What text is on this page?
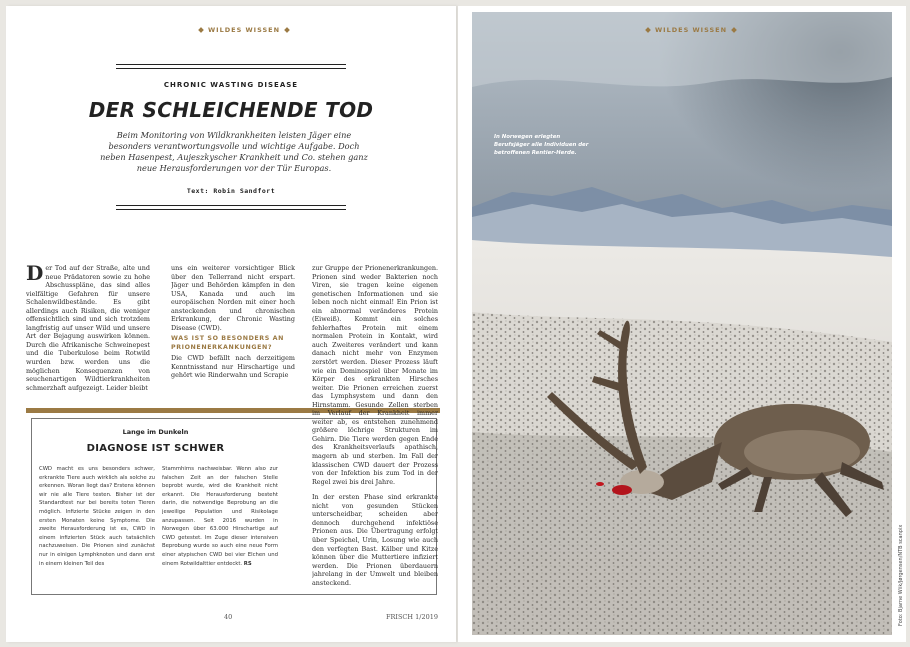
WILDES WISSEN
CHRONIC WASTING DISEASE
DER SCHLEICHENDE TOD
Beim Monitoring von Wildkrankheiten leisten Jäger eine besonders verantwortungsvolle und wichtige Aufgabe. Doch neben Hasenpest, Aujeszkyscher Krankheit und Co. stehen ganz neue Herausforderungen vor der Tür Europas.
Text: Robin Sandfort
Der Tod auf der Straße, alte und neue Prädatoren sowie zu hohe Abschusspläne, das sind alles vielfältige Gefahren für unsere Schalenwildbestände. Es gibt allerdings auch Risiken, die weniger offensichtlich sind und sich trotzdem langfristig auf unser Wild und unsere Art der Bejagung auswirken können. Durch die Afrikanische Schweinepest und die Tuberkulose beim Rotwild wurden bzw. werden uns die möglichen Konsequenzen von seuchenartigen Wildtierkrankheiten schmerzhaft aufgezeigt. Leider bleibt
uns ein weiterer vorsichtiger Blick über den Tellerrand nicht erspart. Jäger und Behörden kämpfen in den USA, Kanada und auch im europäischen Norden mit einer hoch ansteckenden und chronischen Erkrankung, der Chronic Wasting Disease (CWD).
WAS IST SO BESONDERS AN PRIONENERKANKUNGEN?
Die CWD befällt nach derzeitigem Kenntnisstand nur Hirschartige und gehört wie Rinderwahn und Scrapie
Lange im Dunkeln
DIAGNOSE IST SCHWER
CWD macht es uns besonders schwer, erkrankte Tiere auch wirklich als solche zu erkennen. Woran liegt das? Erstens können wir nie alle Tiere testen. Bisher ist der Standardtest nur bei bereits toten Tieren möglich. Infizierte Stücke zeigen in den ersten Monaten keine Symptome. Die zweite Herausforderung ist es, CWD in einem infizierten Stück auch tatsächlich nachzuweisen. Die Prionen sind zunächst nur in einigen Lymphknoten und dann erst in einem kleinen Teil des
Stammhirns nachweisbar. Wenn also zur falschen Zeit an der falschen Stelle beprobt wurde, wird die Krankheit nicht erkannt. Die Herausforderung besteht darin, die notwendige Beprobung an die jeweilige Population und Risikolage anzupassen. Seit 2016 wurden in Norwegen über 63.000 Hirschartige auf CWD getestet. Im Zuge dieser intensiven Beprobung wurde so auch eine neue Form einer atypischen CWD bei vier Elchen und einem Rotwildalttier entdeckt. RS
zur Gruppe der Prionenerkrankungen. Prionen sind weder Bakterien noch Viren, sie tragen keine eigenen genetischen Informationen und sie leben noch nicht einmal! Ein Prion ist ein abnormal veränderes Protein (Eiweiß). Kommt ein solches fehlerhaftes Protein mit einem normalen Protein in Kontakt, wird auch Zweiteres verändert und kann danach nicht mehr von Enzymen zerstört werden. Dieser Prozess läuft wie ein Dominospiel über Monate im Körper des erkrankten Hirsches weiter. Die Prionen erreichen zuerst das Lymphsystem und dann den Hirnstamm. Gesunde Zellen sterben im Verlauf der Krankheit immer weiter ab, es entstehen zunehmend größere löchrige Strukturen im Gehirn. Die Tiere werden gegen Ende des Krankheitsverlaufs apathisch, magern ab und sterben. Im Fall der klassischen CWD dauert der Prozess von der Infektion bis zum Tod in der Regel zwei bis drei Jahre.
In der ersten Phase sind erkrankte nicht von gesunden Stücken unterscheidbar, scheiden aber dennoch durchgehend infektiöse Prionen aus. Die Übertragung erfolgt über Speichel, Urin, Losung wie auch den verfegten Bast. Kälber und Kitze können über die Muttertiere infiziert werden. Die Prionen überdauern jahrelang in der Umwelt und bleiben ansteckend.
40	FRISCH 1/2019
WILDES WISSEN
In Norwegen erlegten Berufsjäger alle Individuen der betroffenen Rentier-Herde.
Foto: Bjarne Wiik/Jørgensen/NTB scanpix
